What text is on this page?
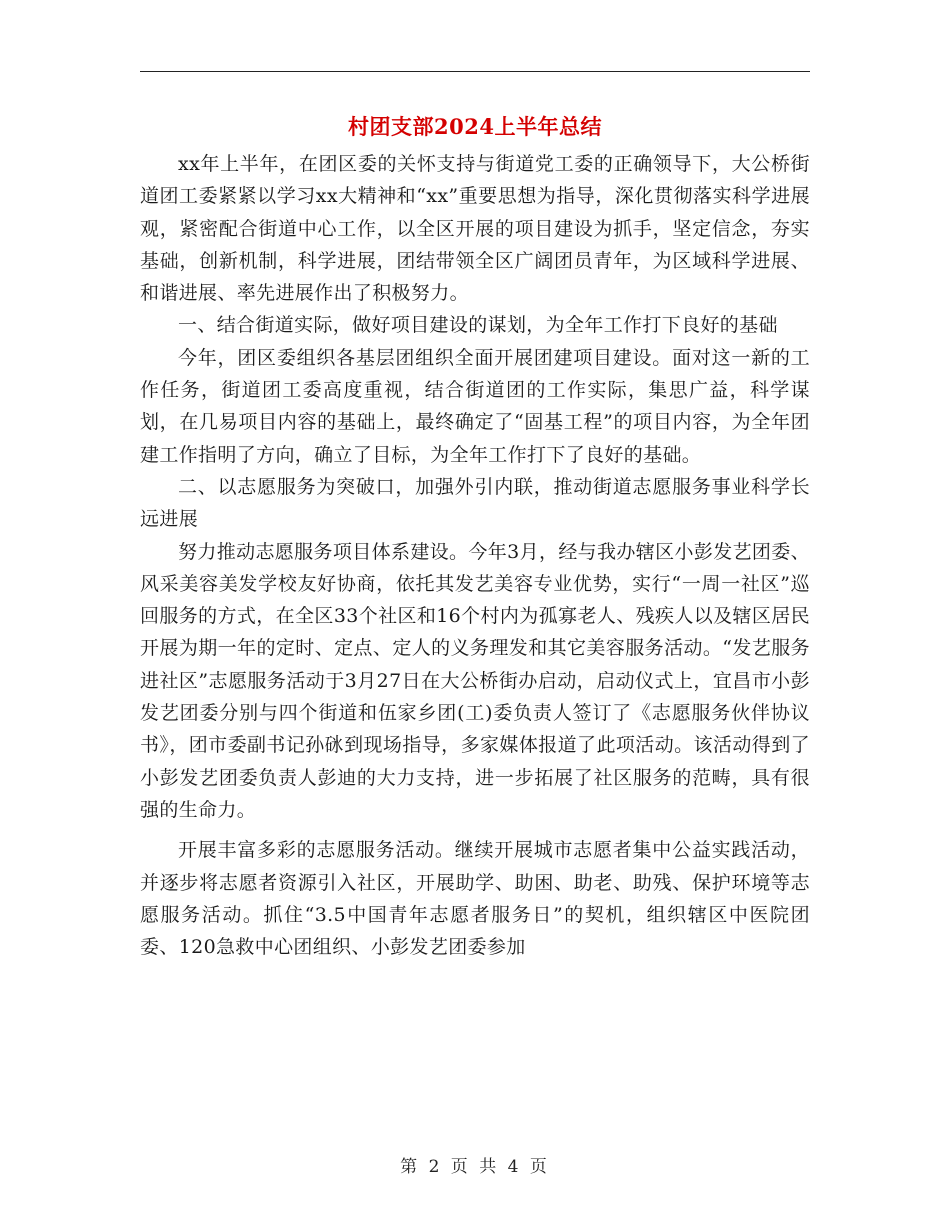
村团支部2024上半年总结

xx年上半年，在团区委的关怀支持与街道党工委的正确领导下，大公桥街道团工委紧紧以学习xx大精神和“xx”重要思想为指导，深化贯彻落实科学进展观，紧密配合街道中心工作，以全区开展的项目建设为抓手，坚定信念，夯实基础，创新机制，科学进展，团结带领全区广阔团员青年，为区域科学进展、和谐进展、率先进展作出了积极努力。

一、结合街道实际，做好项目建设的谋划，为全年工作打下良好的基础

今年，团区委组织各基层团组织全面开展团建项目建设。面对这一新的工作任务，街道团工委高度重视，结合街道团的工作实际，集思广益，科学谋划，在几易项目内容的基础上，最终确定了“固基工程”的项目内容，为全年团建工作指明了方向，确立了目标，为全年工作打下了良好的基础。

二、以志愿服务为突破口，加强外引内联，推动街道志愿服务事业科学长远进展

努力推动志愿服务项目体系建设。今年3月，经与我办辖区小彭发艺团委、风采美容美发学校友好协商，依托其发艺美容专业优势，实行“一周一社区”巡回服务的方式，在全区33个社区和16个村内为孤寡老人、残疾人以及辖区居民开展为期一年的定时、定点、定人的义务理发和其它美容服务活动。“发艺服务进社区”志愿服务活动于3月27日在大公桥街办启动，启动仪式上，宜昌市小彭发艺团委分别与四个街道和伍家乡团(工)委负责人签订了《志愿服务伙伴协议书》，团市委副书记孙砯到现场指导，多家媒体报道了此项活动。该活动得到了小彭发艺团委负责人彭迪的大力支持，进一步拓展了社区服务的范畴，具有很强的生命力。

开展丰富多彩的志愿服务活动。继续开展城市志愿者集中公益实践活动，并逐步将志愿者资源引入社区，开展助学、助困、助老、助残、保护环境等志愿服务活动。抓住“3.5中国青年志愿者服务日”的契机，组织辖区中医院团委、120急救中心团组织、小彭发艺团委参加

第 2 页 共 4 页
